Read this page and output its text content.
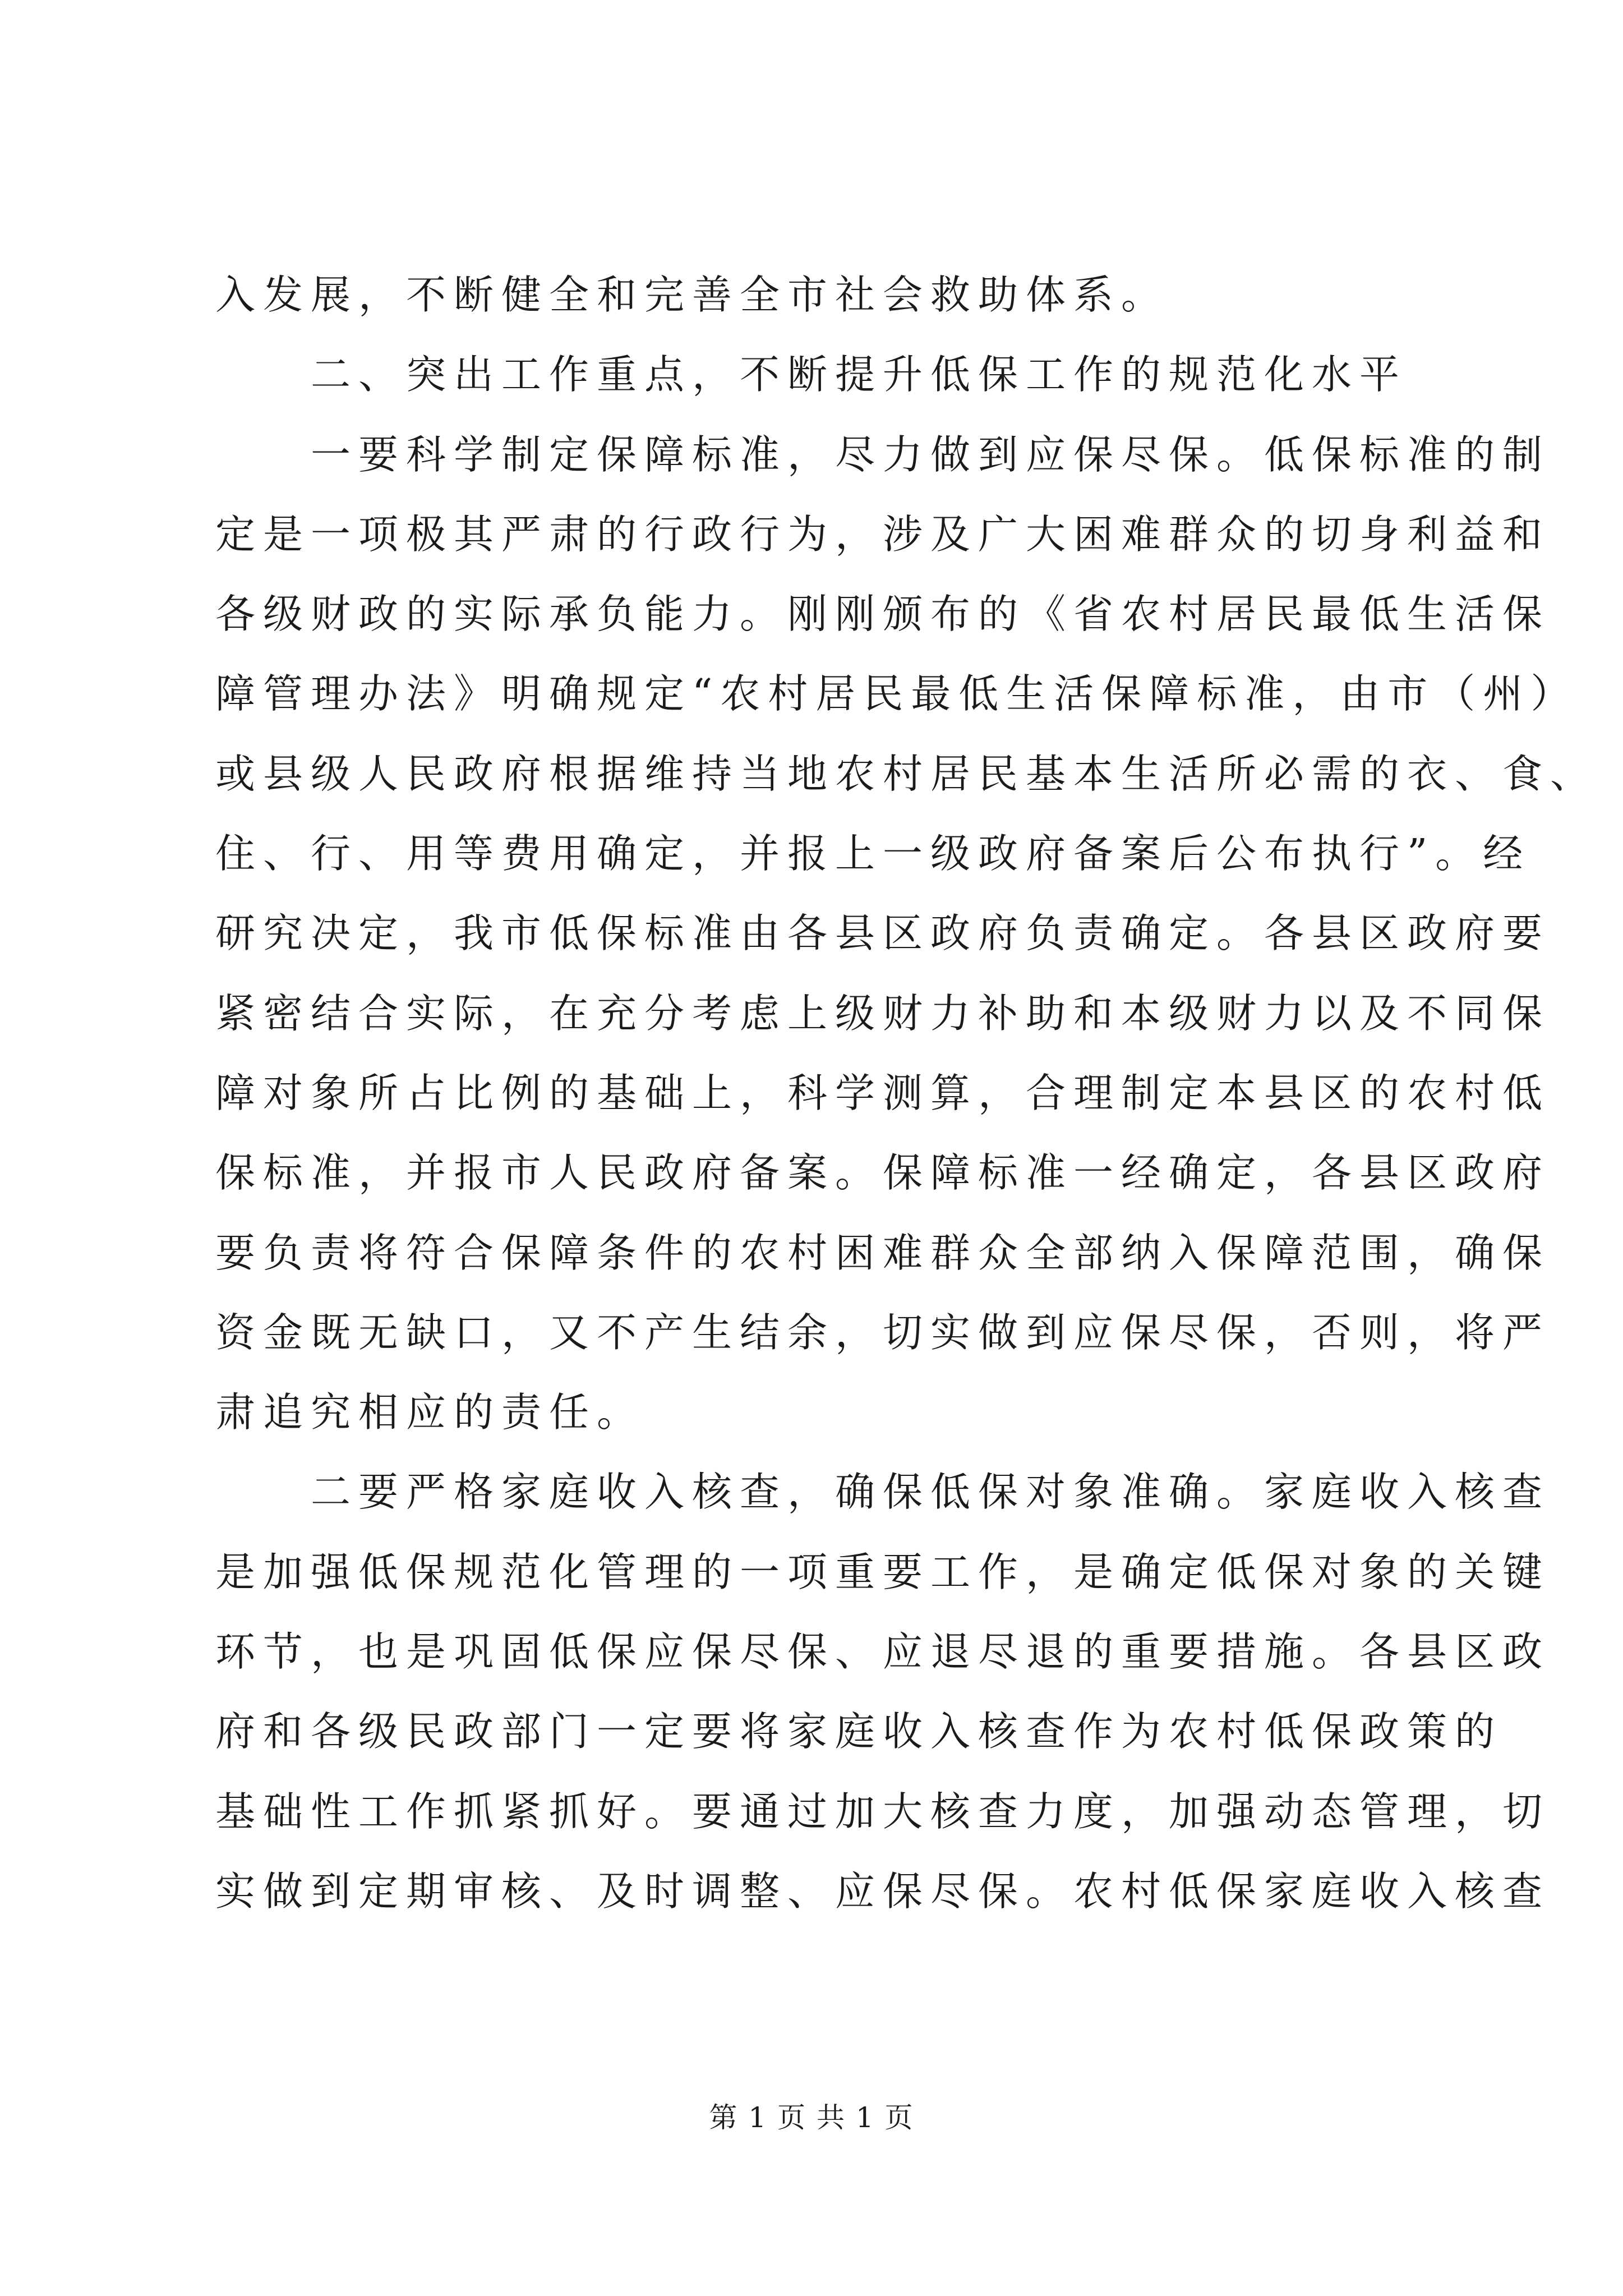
入发展，不断健全和完善全市社会救助体系。
二、突出工作重点，不断提升低保工作的规范化水平
一要科学制定保障标准，尽力做到应保尽保。低保标准的制
定是一项极其严肃的行政行为，涉及广大困难群众的切身利益和
各级财政的实际承负能力。刚刚颁布的《省农村居民最低生活保
障管理办法》明确规定“农村居民最低生活保障标准，由市（州）
或县级人民政府根据维持当地农村居民基本生活所必需的衣、食、
住、行、用等费用确定，并报上一级政府备案后公布执行”。经
研究决定，我市低保标准由各县区政府负责确定。各县区政府要
紧密结合实际，在充分考虑上级财力补助和本级财力以及不同保
障对象所占比例的基础上，科学测算，合理制定本县区的农村低
保标准，并报市人民政府备案。保障标准一经确定，各县区政府
要负责将符合保障条件的农村困难群众全部纳入保障范围，确保
资金既无缺口，又不产生结余，切实做到应保尽保，否则，将严
肃追究相应的责任。
二要严格家庭收入核查，确保低保对象准确。家庭收入核查
是加强低保规范化管理的一项重要工作，是确定低保对象的关键
环节，也是巩固低保应保尽保、应退尽退的重要措施。各县区政
府和各级民政部门一定要将家庭收入核查作为农村低保政策的
基础性工作抓紧抓好。要通过加大核查力度，加强动态管理，切
实做到定期审核、及时调整、应保尽保。农村低保家庭收入核查
第 1 页 共 1 页
